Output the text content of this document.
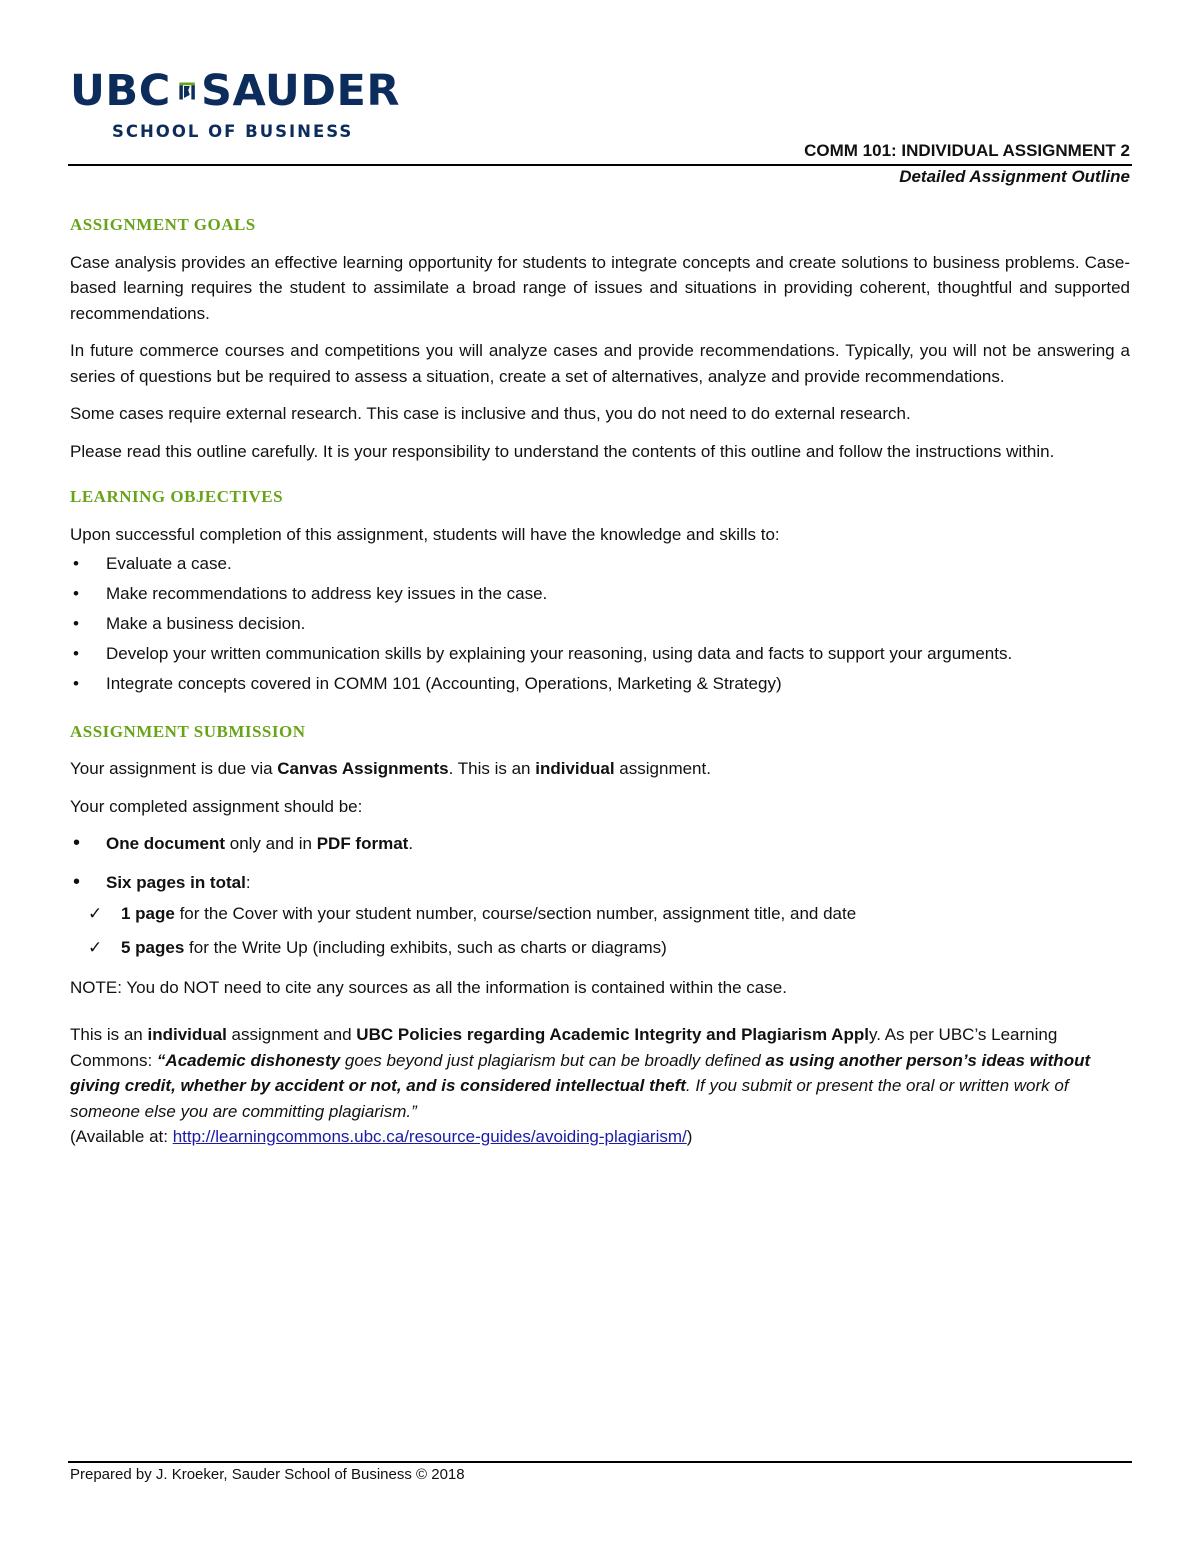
UBC SAUDER
SCHOOL OF BUSINESS
COMM 101: INDIVIDUAL ASSIGNMENT 2
Detailed Assignment Outline
ASSIGNMENT GOALS

Case analysis provides an effective learning opportunity for students to integrate concepts and create solutions to business problems. Case-based learning requires the student to assimilate a broad range of issues and situations in providing coherent, thoughtful and supported recommendations.

In future commerce courses and competitions you will analyze cases and provide recommendations. Typically, you will not be answering a series of questions but be required to assess a situation, create a set of alternatives, analyze and provide recommendations.

Some cases require external research. This case is inclusive and thus, you do not need to do external research.

Please read this outline carefully. It is your responsibility to understand the contents of this outline and follow the instructions within.

LEARNING OBJECTIVES

Upon successful completion of this assignment, students will have the knowledge and skills to:

• Evaluate a case.
• Make recommendations to address key issues in the case.
• Make a business decision.
• Develop your written communication skills by explaining your reasoning, using data and facts to support your arguments.
• Integrate concepts covered in COMM 101 (Accounting, Operations, Marketing & Strategy)
ASSIGNMENT SUBMISSION

Your assignment is due via Canvas Assignments. This is an individual assignment.

Your completed assignment should be:

• One document only and in PDF format.
• Six pages in total:
✓ 1 page for the Cover with your student number, course/section number, assignment title, and date
✓ 5 pages for the Write Up (including exhibits, such as charts or diagrams)

NOTE: You do NOT need to cite any sources as all the information is contained within the case.

This is an individual assignment and UBC Policies regarding Academic Integrity and Plagiarism Apply. As per UBC’s Learning Commons: “Academic dishonesty goes beyond just plagiarism but can be broadly defined as using another person’s ideas without giving credit, whether by accident or not, and is considered intellectual theft. If you submit or present the oral or written work of someone else you are committing plagiarism.”
(Available at: http://learningcommons.ubc.ca/resource-guides/avoiding-plagiarism/)

Prepared by J. Kroeker, Sauder School of Business © 2018
